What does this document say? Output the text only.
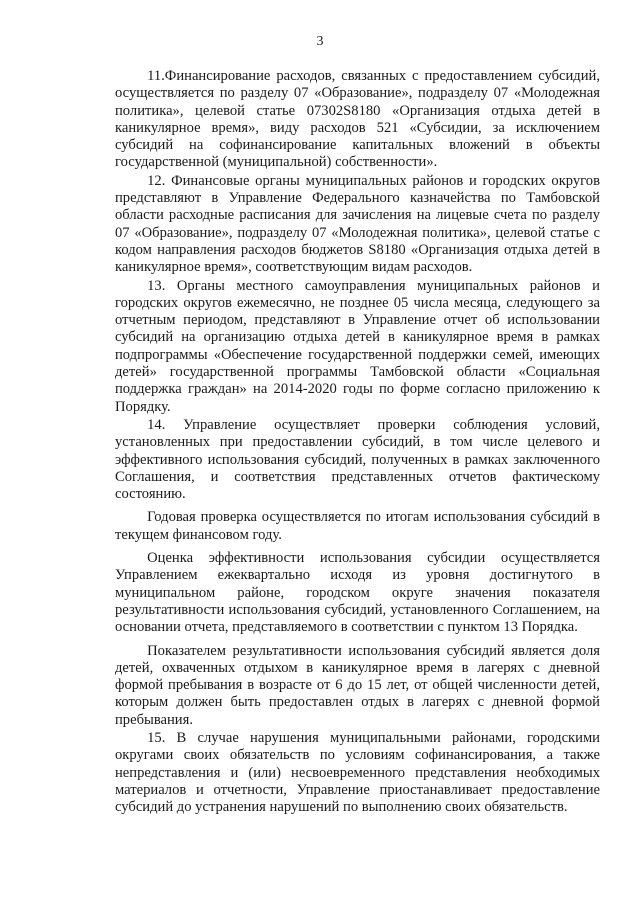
3

11.Финансирование расходов, связанных с предоставлением субсидий, осуществляется по разделу 07 «Образование», подразделу 07 «Молодежная политика», целевой статье 07302S8180 «Организация отдыха детей в каникулярное время», виду расходов 521 «Субсидии, за исключением субсидий на софинансирование капитальных вложений в объекты государственной (муниципальной) собственности».

12. Финансовые органы муниципальных районов и городских округов представляют в Управление Федерального казначейства по Тамбовской области расходные расписания для зачисления на лицевые счета по разделу 07 «Образование», подразделу 07 «Молодежная политика», целевой статье с кодом направления расходов бюджетов S8180 «Организация отдыха детей в каникулярное время», соответствующим видам расходов.

13. Органы местного самоуправления муниципальных районов и городских округов ежемесячно, не позднее 05 числа месяца, следующего за отчетным периодом, представляют в Управление отчет об использовании субсидий на организацию отдыха детей в каникулярное время в рамках подпрограммы «Обеспечение государственной поддержки семей, имеющих детей» государственной программы Тамбовской области «Социальная поддержка граждан» на 2014-2020 годы по форме согласно приложению к Порядку.

14. Управление осуществляет проверки соблюдения условий, установленных при предоставлении субсидий, в том числе целевого и эффективного использования субсидий, полученных в рамках заключенного Соглашения, и соответствия представленных отчетов фактическому состоянию.

Годовая проверка осуществляется по итогам использования субсидий в текущем финансовом году.

Оценка эффективности использования субсидии осуществляется Управлением ежеквартально исходя из уровня достигнутого в муниципальном районе, городском округе значения показателя результативности использования субсидий, установленного Соглашением, на основании отчета, представляемого в соответствии с пунктом 13 Порядка.

Показателем результативности использования субсидий является доля детей, охваченных отдыхом в каникулярное время в лагерях с дневной формой пребывания в возрасте от 6 до 15 лет, от общей численности детей, которым должен быть предоставлен отдых в лагерях с дневной формой пребывания.

15. В случае нарушения муниципальными районами, городскими округами своих обязательств по условиям софинансирования, а также непредставления и (или) несвоевременного представления необходимых материалов и отчетности, Управление приостанавливает предоставление субсидий до устранения нарушений по выполнению своих обязательств.
